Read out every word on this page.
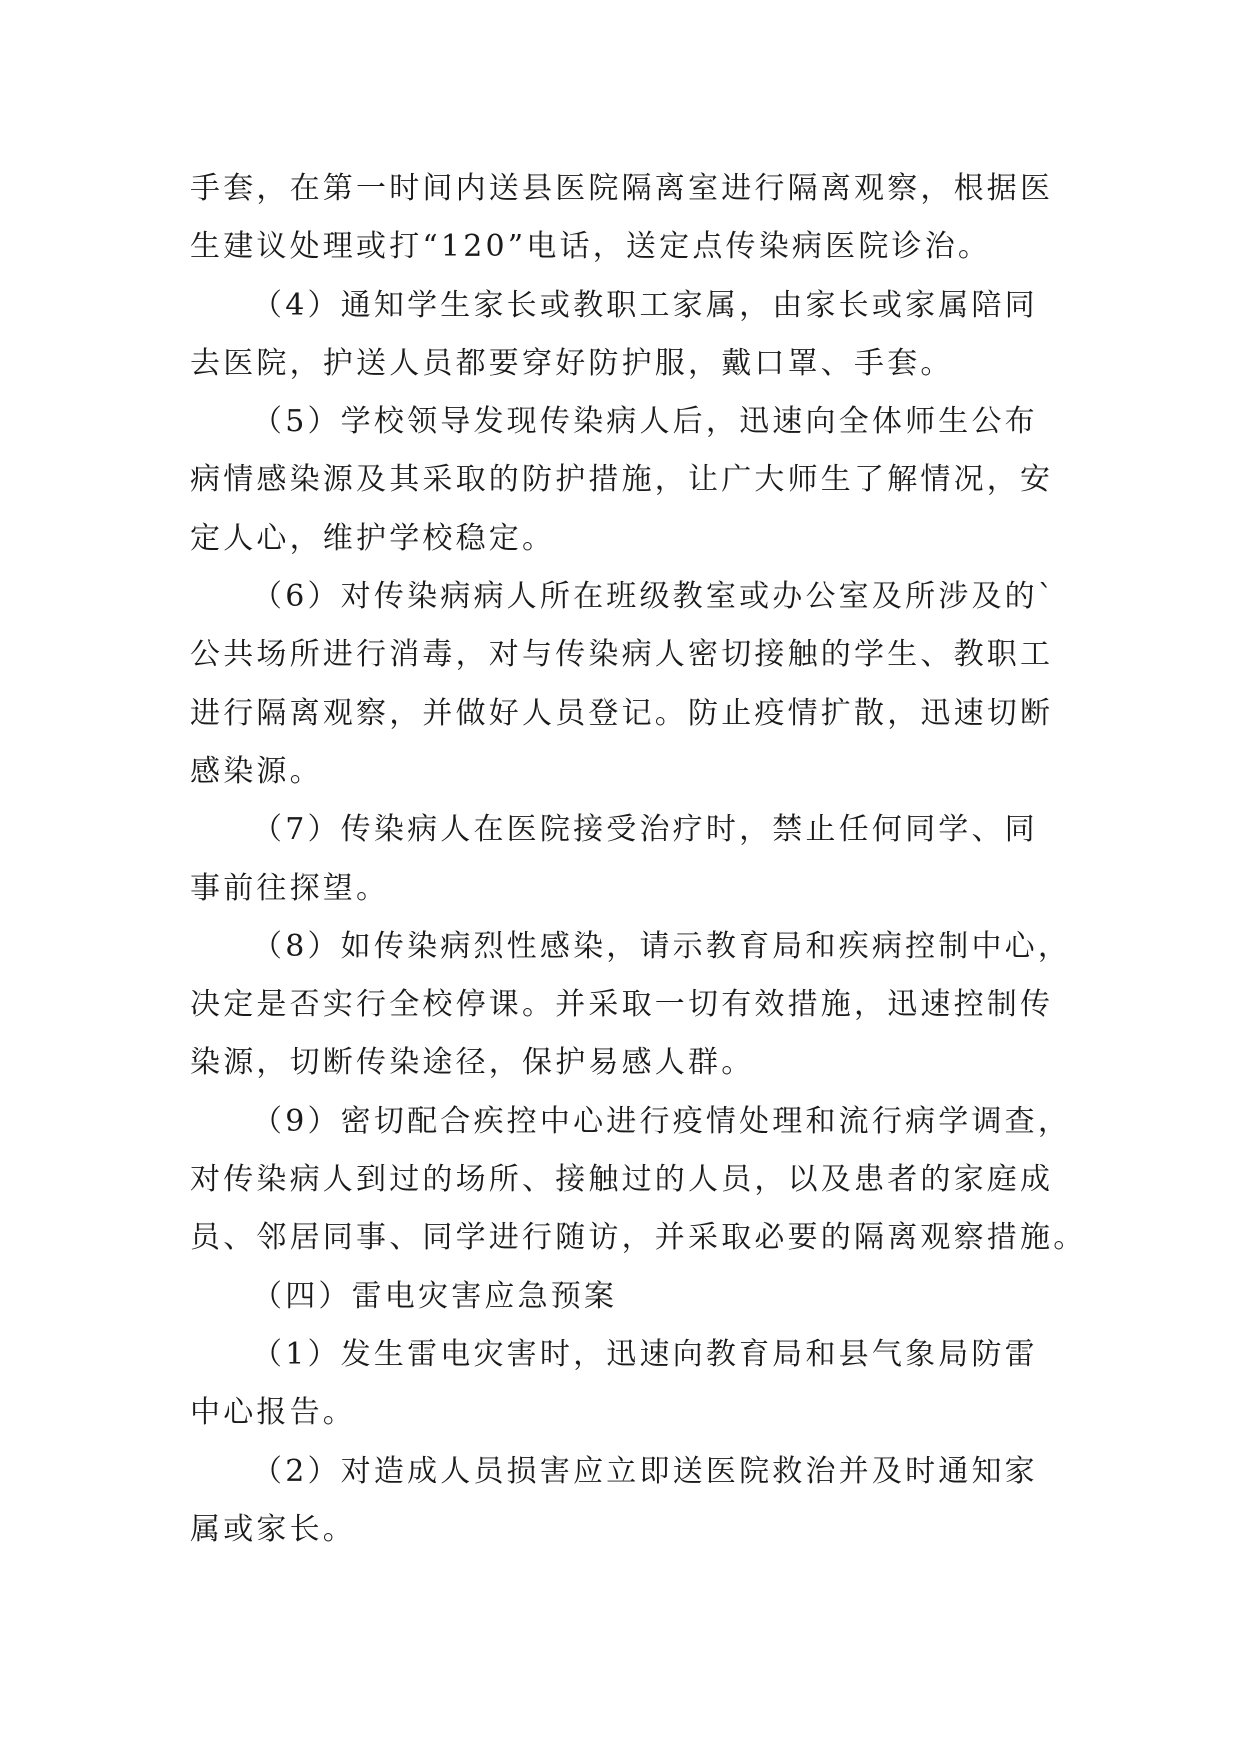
手套，在第一时间内送县医院隔离室进行隔离观察，根据医
生建议处理或打“120”电话，送定点传染病医院诊治。
（4）通知学生家长或教职工家属，由家长或家属陪同
去医院，护送人员都要穿好防护服，戴口罩、手套。
（5）学校领导发现传染病人后，迅速向全体师生公布
病情感染源及其采取的防护措施，让广大师生了解情况，安
定人心，维护学校稳定。
（6）对传染病病人所在班级教室或办公室及所涉及的`
公共场所进行消毒，对与传染病人密切接触的学生、教职工
进行隔离观察，并做好人员登记。防止疫情扩散，迅速切断
感染源。
（7）传染病人在医院接受治疗时，禁止任何同学、同
事前往探望。
（8）如传染病烈性感染，请示教育局和疾病控制中心，
决定是否实行全校停课。并采取一切有效措施，迅速控制传
染源，切断传染途径，保护易感人群。
（9）密切配合疾控中心进行疫情处理和流行病学调查，
对传染病人到过的场所、接触过的人员，以及患者的家庭成
员、邻居同事、同学进行随访，并采取必要的隔离观察措施。
（四）雷电灾害应急预案
（1）发生雷电灾害时，迅速向教育局和县气象局防雷
中心报告。
（2）对造成人员损害应立即送医院救治并及时通知家
属或家长。
